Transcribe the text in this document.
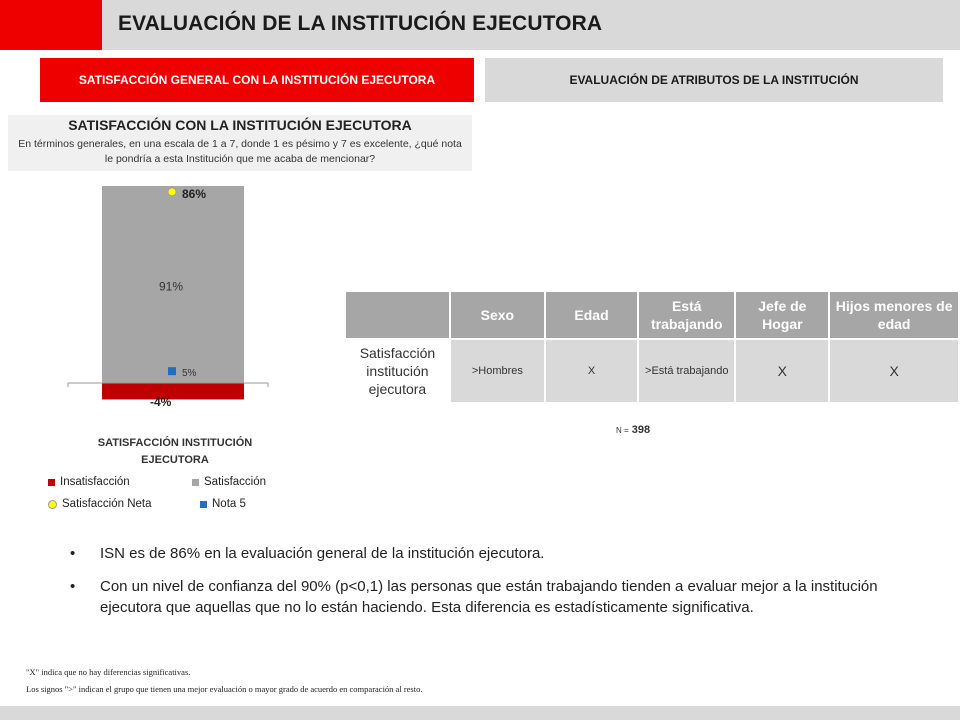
EVALUACIÓN DE LA INSTITUCIÓN EJECUTORA
SATISFACCIÓN GENERAL CON LA INSTITUCIÓN EJECUTORA	EVALUACIÓN DE ATRIBUTOS DE LA INSTITUCIÓN
SATISFACCIÓN CON LA INSTITUCIÓN EJECUTORA
En términos generales, en una escala de 1 a 7, donde 1 es pésimo y 7 es excelente, ¿qué nota le pondría a esta Institución que me acaba de mencionar?
91%
-4%
86%
5%
SATISFACCIÓN INSTITUCIÓN EJECUTORA
Insatisfacción	Satisfacción
Satisfacción Neta	Nota 5
	Sexo	Edad	Está trabajando	Jefe de Hogar	Hijos menores de edad
Satisfacción institución ejecutora	>Hombres	X	>Está trabajando	X	X
N = 398
• ISN es de 86% en la evaluación general de la institución ejecutora.
• Con un nivel de confianza del 90% (p<0,1) las personas que están trabajando tienden a evaluar mejor a la institución ejecutora que aquellas que no lo están haciendo. Esta diferencia es estadísticamente significativa.
"X" indica que no hay diferencias significativas.
Los signos ">" indican el grupo que tienen una mejor evaluación o mayor grado de acuerdo en comparación al resto.
